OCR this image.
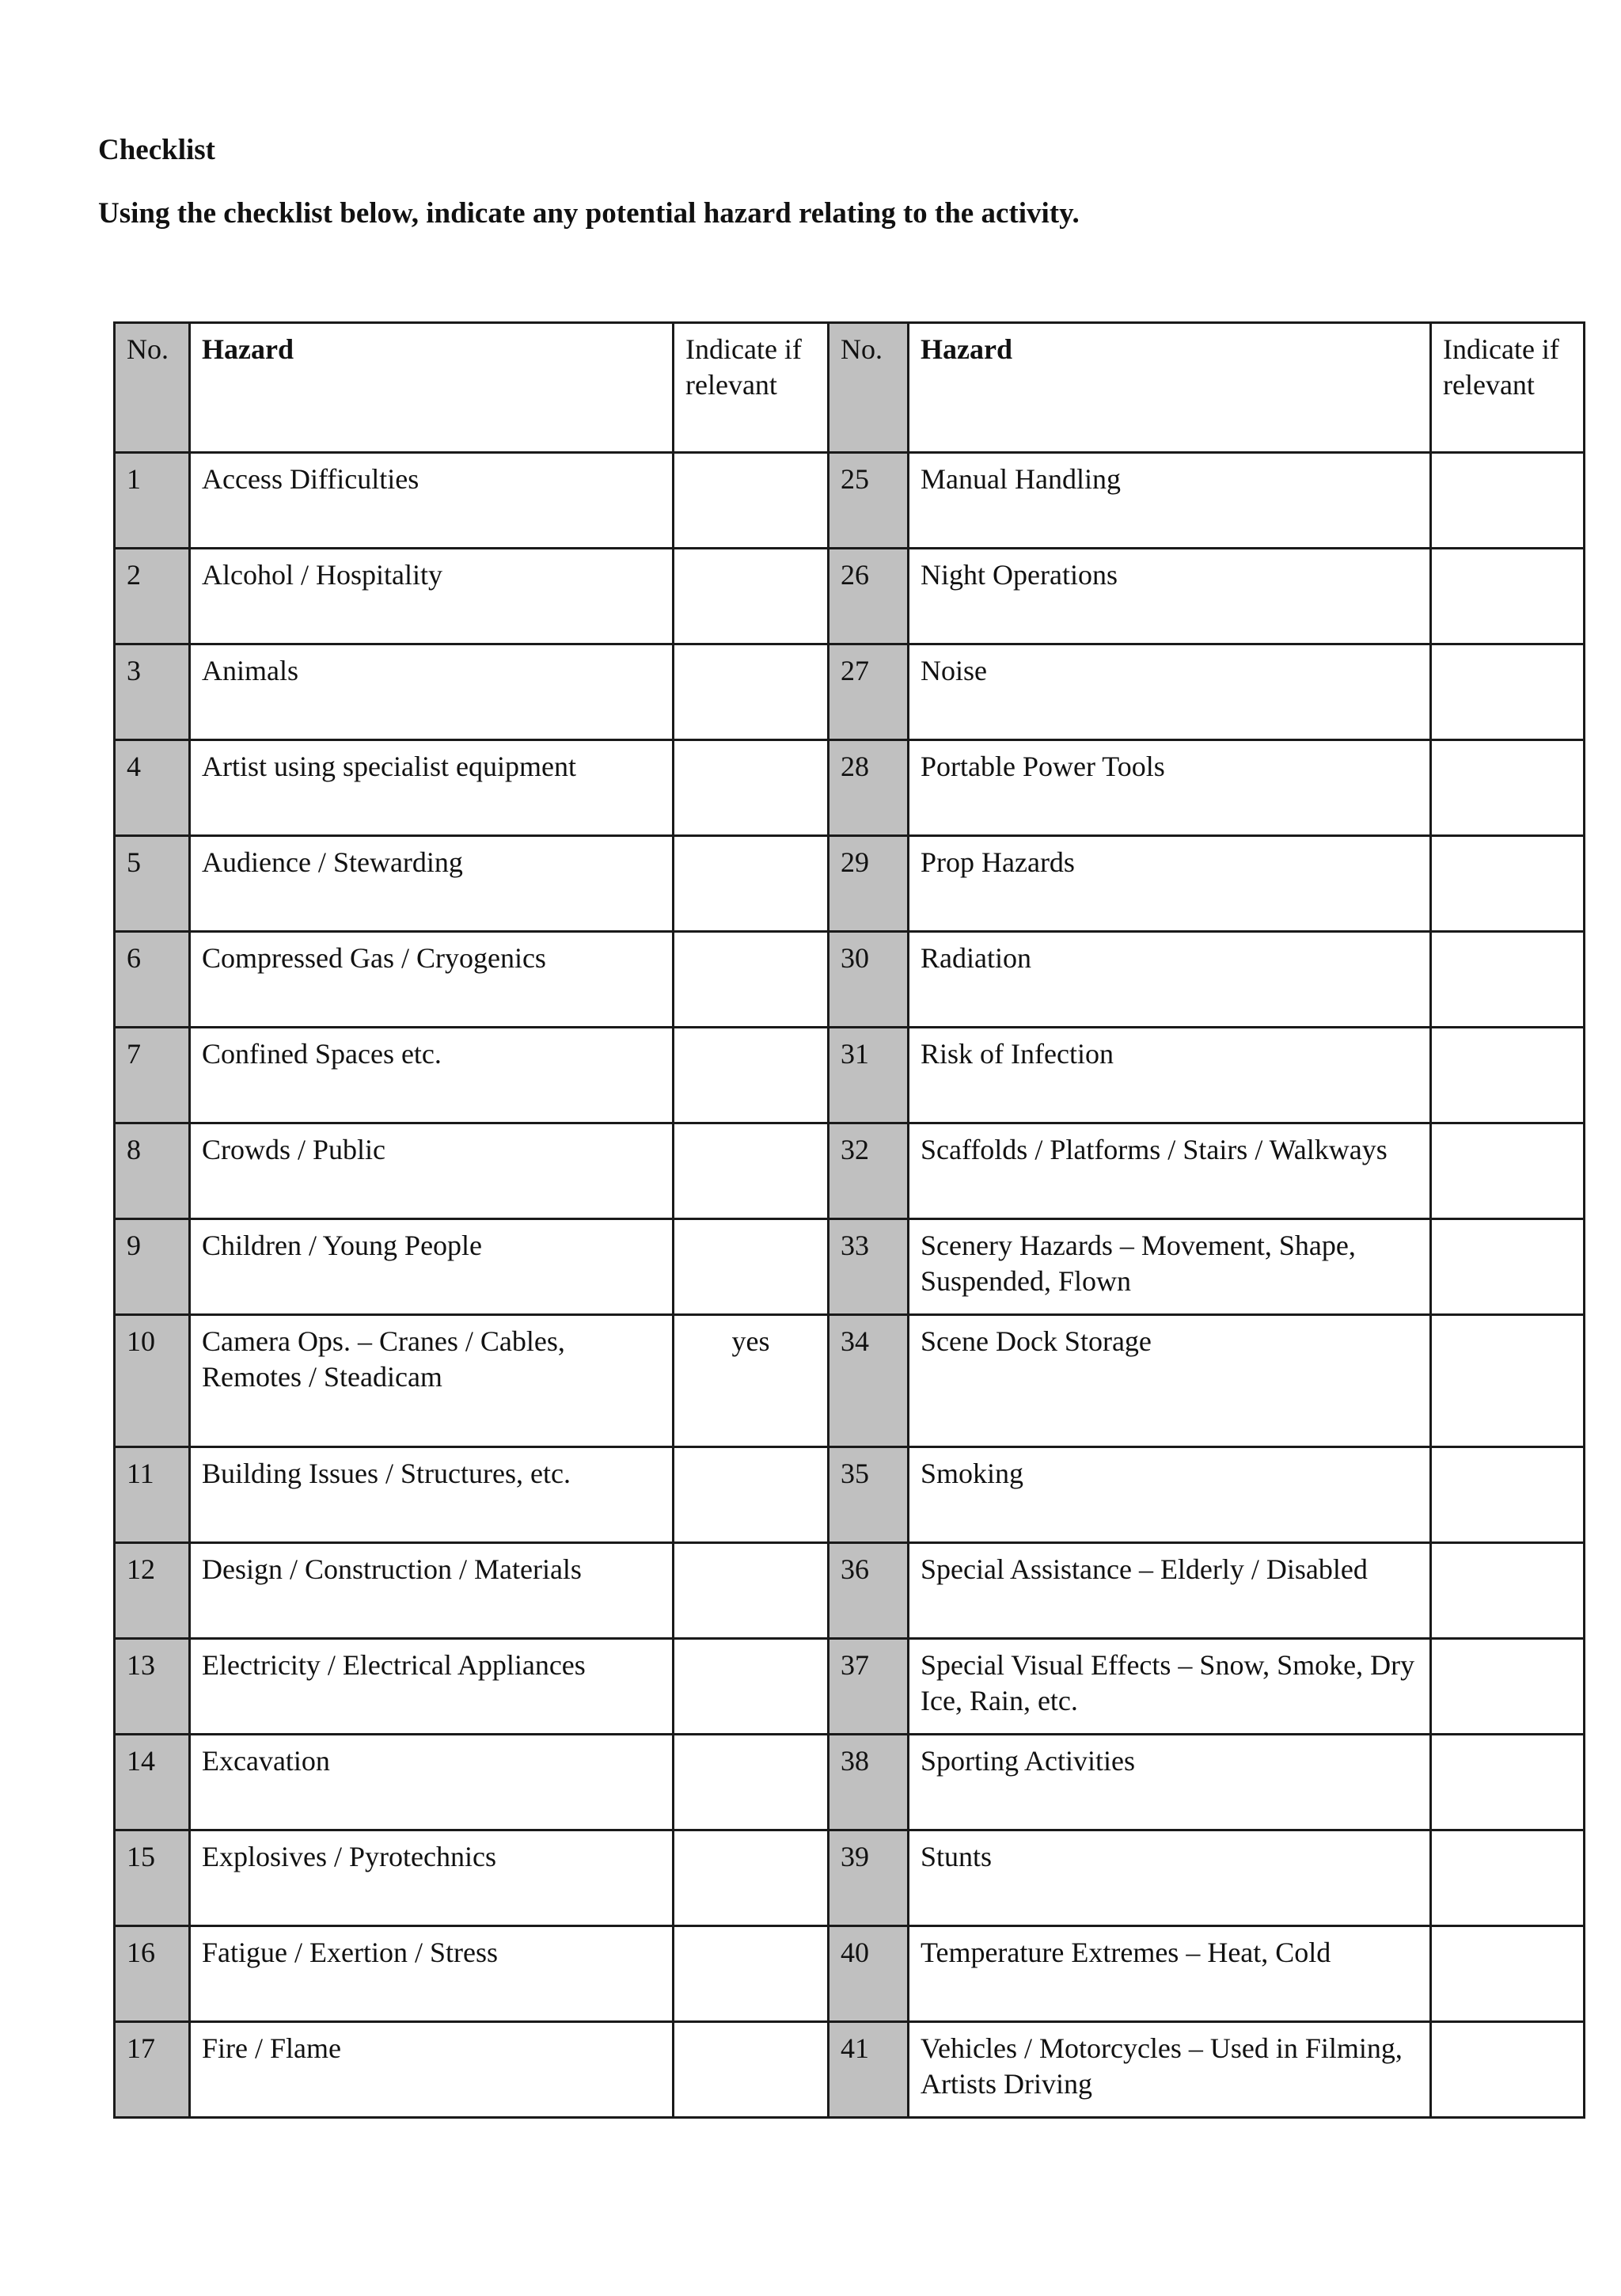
Checklist

Using the checklist below, indicate any potential hazard relating to the activity.

No.	Hazard	Indicate if relevant	No.	Hazard	Indicate if relevant
1	Access Difficulties		25	Manual Handling	
2	Alcohol / Hospitality		26	Night Operations	
3	Animals		27	Noise	
4	Artist using specialist equipment		28	Portable Power Tools	
5	Audience / Stewarding		29	Prop Hazards	
6	Compressed Gas / Cryogenics		30	Radiation	
7	Confined Spaces etc.		31	Risk of Infection	
8	Crowds / Public		32	Scaffolds / Platforms / Stairs / Walkways	
9	Children / Young People		33	Scenery Hazards – Movement, Shape, Suspended, Flown	
10	Camera Ops. – Cranes / Cables, Remotes / Steadicam	yes	34	Scene Dock Storage	
11	Building Issues / Structures, etc.		35	Smoking	
12	Design / Construction / Materials		36	Special Assistance – Elderly / Disabled	
13	Electricity / Electrical Appliances		37	Special Visual Effects – Snow, Smoke, Dry Ice, Rain, etc.	
14	Excavation		38	Sporting Activities	
15	Explosives / Pyrotechnics		39	Stunts	
16	Fatigue / Exertion / Stress		40	Temperature Extremes – Heat, Cold	
17	Fire / Flame		41	Vehicles / Motorcycles – Used in Filming, Artists Driving	
